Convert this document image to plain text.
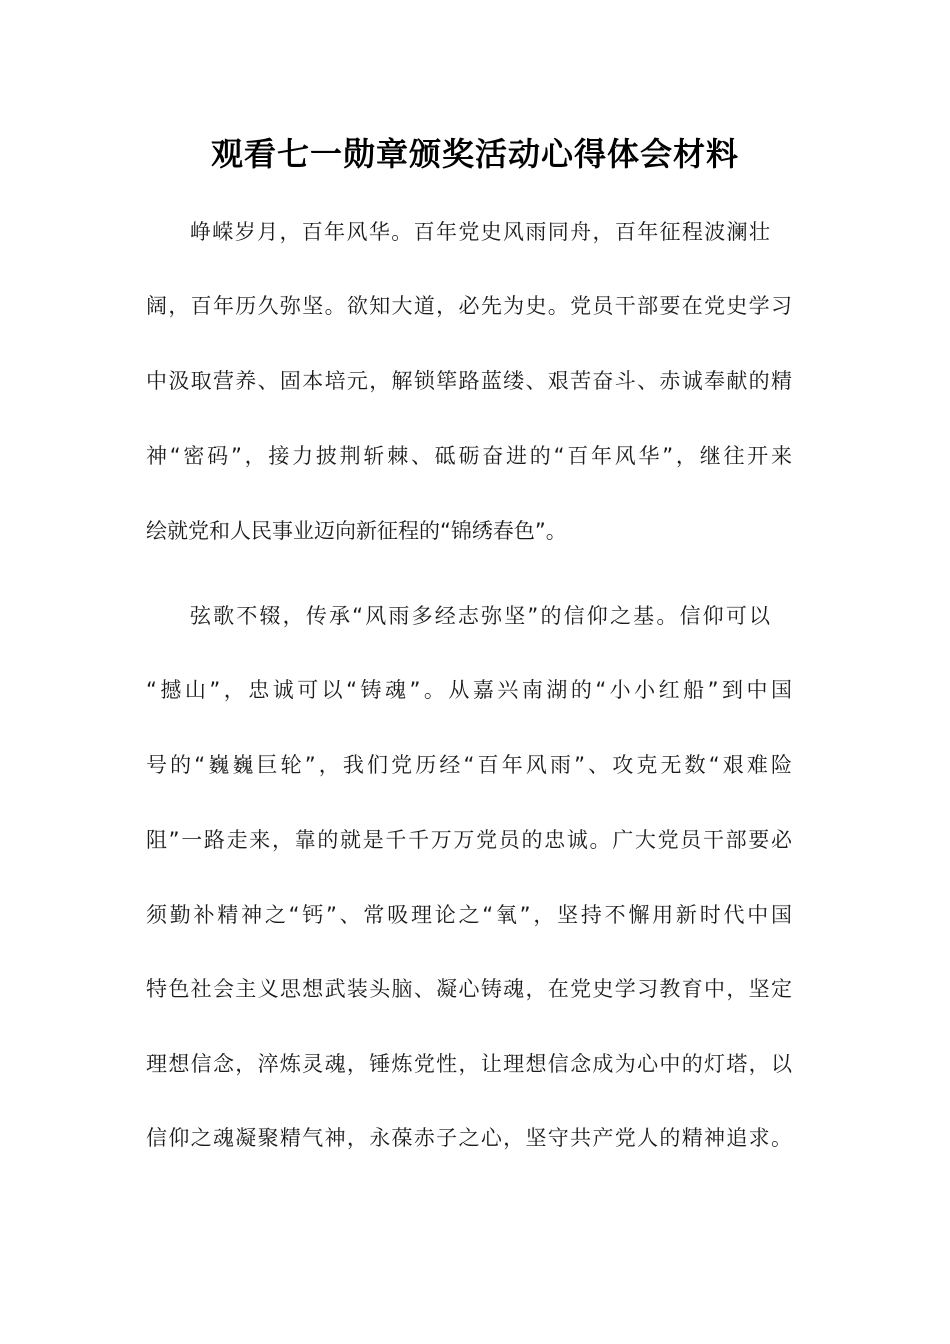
观看七一勋章颁奖活动心得体会材料
峥嵘岁月，百年风华。百年党史风雨同舟，百年征程波澜壮
阔，百年历久弥坚。欲知大道，必先为史。党员干部要在党史学习
中汲取营养、固本培元，解锁筚路蓝缕、艰苦奋斗、赤诚奉献的精
神“密码”，接力披荆斩棘、砥砺奋进的“百年风华”，继往开来
绘就党和人民事业迈向新征程的“锦绣春色”。
弦歌不辍，传承“风雨多经志弥坚”的信仰之基。信仰可以
“撼山”，忠诚可以“铸魂”。从嘉兴南湖的“小小红船”到中国
号的“巍巍巨轮”，我们党历经“百年风雨”、攻克无数“艰难险
阻”一路走来，靠的就是千千万万党员的忠诚。广大党员干部要必
须勤补精神之“钙”、常吸理论之“氧”，坚持不懈用新时代中国
特色社会主义思想武装头脑、凝心铸魂，在党史学习教育中，坚定
理想信念，淬炼灵魂，锤炼党性，让理想信念成为心中的灯塔，以
信仰之魂凝聚精气神，永葆赤子之心，坚守共产党人的精神追求。
